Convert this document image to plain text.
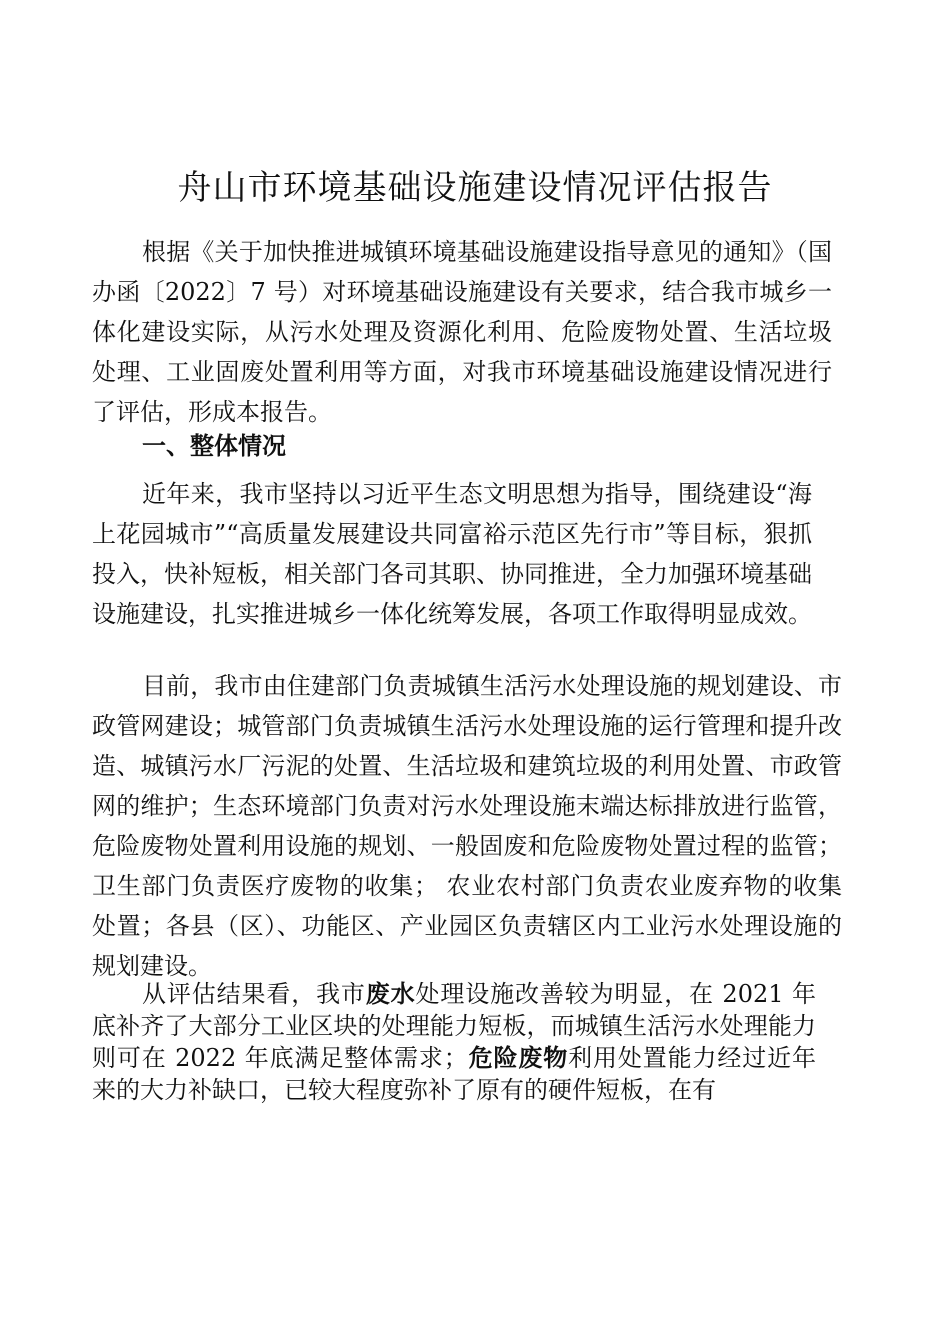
舟山市环境基础设施建设情况评估报告
根据《关于加快推进城镇环境基础设施建设指导意见的通知》（国办函〔2022〕7 号）对环境基础设施建设有关要求，结合我市城乡一体化建设实际，从污水处理及资源化利用、危险废物处置、生活垃圾处理、工业固废处置利用等方面，对我市环境基础设施建设情况进行了评估，形成本报告。
一、整体情况
近年来，我市坚持以习近平生态文明思想为指导，围绕建设“海上花园城市”“高质量发展建设共同富裕示范区先行市”等目标，狠抓投入，快补短板，相关部门各司其职、协同推进，全力加强环境基础设施建设，扎实推进城乡一体化统筹发展，各项工作取得明显成效。
目前，我市由住建部门负责城镇生活污水处理设施的规划建设、市政管网建设；城管部门负责城镇生活污水处理设施的运行管理和提升改造、城镇污水厂污泥的处置、生活垃圾和建筑垃圾的利用处置、市政管网的维护；生态环境部门负责对污水处理设施末端达标排放进行监管，危险废物处置利用设施的规划、一般固废和危险废物处置过程的监管；卫生部门负责医疗废物的收集； 农业农村部门负责农业废弃物的收集处置；各县（区）、功能区、产业园区负责辖区内工业污水处理设施的规划建设。
从评估结果看，我市废水处理设施改善较为明显，在 2021 年底补齐了大部分工业区块的处理能力短板，而城镇生活污水处理能力则可在 2022 年底满足整体需求；危险废物利用处置能力经过近年来的大力补缺口，已较大程度弥补了原有的硬件短板，在有
